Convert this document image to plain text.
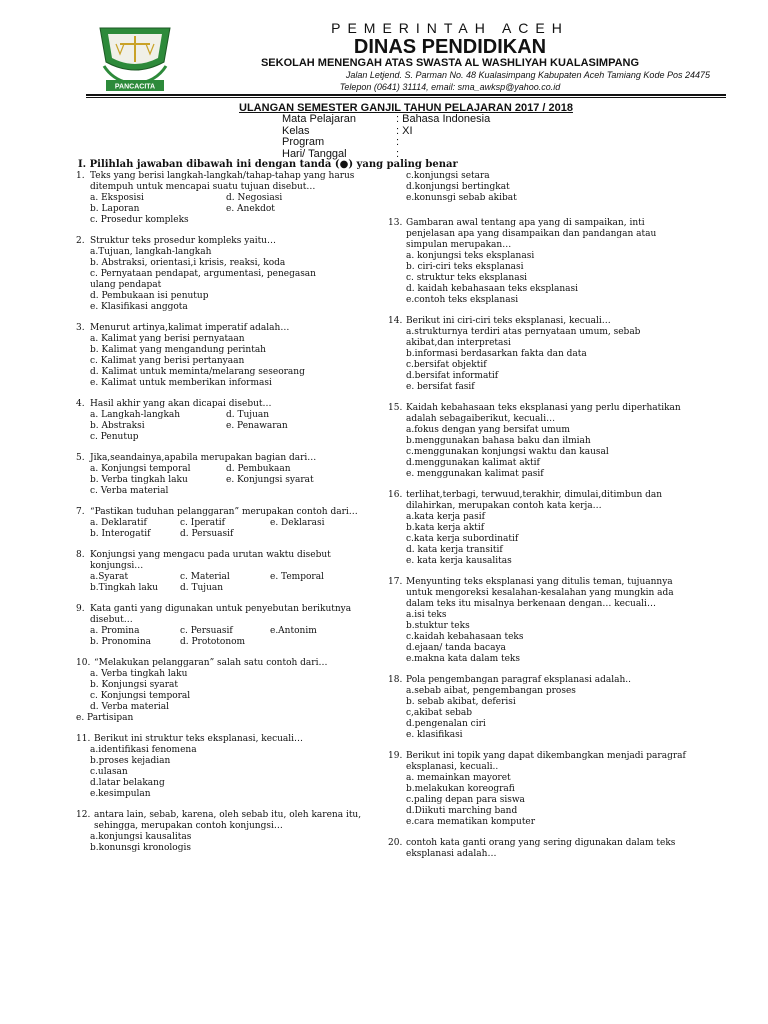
PANCACITA
PEMERINTAH ACEH
DINAS PENDIDIKAN
SEKOLAH MENENGAH ATAS SWASTA AL WASHLIYAH KUALASIMPANG
Jalan Letjend. S. Parman No. 48 Kualasimpang Kabupaten Aceh Tamiang Kode Pos 24475
Telepon (0641) 31114, email: sma_awksp@yahoo.co.id
ULANGAN SEMESTER GANJIL TAHUN PELAJARAN 2017 / 2018
Mata Pelajaran	: Bahasa Indonesia
Kelas	: XI
Program	:
Hari/ Tanggal	:
I. Pilihlah jawaban dibawah ini dengan tanda (●) yang paling benar
1. Teks yang berisi langkah-langkah/tahap-tahap yang harus ditempuh untuk mencapai suatu tujuan disebut…
a. Eksposisi	d. Negosiasi
b. Laporan	e. Anekdot
c. Prosedur kompleks
2. Struktur teks prosedur kompleks yaitu…
a.Tujuan, langkah-langkah
b. Abstraksi, orientasi,i krisis, reaksi, koda
c. Pernyataan pendapat, argumentasi, penegasan
ulang pendapat
d. Pembukaan isi penutup
e. Klasifikasi anggota
3. Menurut artinya,kalimat imperatif adalah…
a. Kalimat yang berisi pernyataan
b. Kalimat yang mengandung perintah
c. Kalimat yang berisi pertanyaan
d. Kalimat untuk meminta/melarang seseorang
e. Kalimat untuk memberikan informasi
4. Hasil akhir yang akan dicapai disebut…
a. Langkah-langkah	d. Tujuan
b. Abstraksi	e. Penawaran
c. Penutup
5. Jika,seandainya,apabila merupakan bagian dari…
a. Konjungsi temporal	d. Pembukaan
b. Verba tingkah laku	e. Konjungsi syarat
c. Verba material
7. “Pastikan tuduhan pelanggaran” merupakan contoh dari…
a. Deklaratif	c. Iperatif	e. Deklarasi
b. Interogatif	d. Persuasif
8. Konjungsi yang mengacu pada urutan waktu disebut konjungsi…
a.Syarat	c. Material	e. Temporal
b.Tingkah laku	d. Tujuan
9. Kata ganti yang digunakan untuk penyebutan berikutnya disebut…
a. Promina	c. Persuasif	e.Antonim
b. Pronomina	d. Prototonom
10. “Melakukan pelanggaran” salah satu contoh dari…
a. Verba tingkah laku
b. Konjungsi syarat
c. Konjungsi temporal
d. Verba material
e. Partisipan
11. Berikut ini struktur teks eksplanasi, kecuali…
a.identifikasi fenomena
b.proses kejadian
c.ulasan
d.latar belakang
e.kesimpulan
12. antara lain, sebab, karena, oleh sebab itu, oleh karena itu, sehingga, merupakan contoh konjungsi…
a.konjungsi kausalitas
b.konunsgi kronologis
c.konjungsi setara
d.konjungsi bertingkat
e.konunsgi sebab akibat
13. Gambaran awal tentang apa yang di sampaikan, inti penjelasan apa yang disampaikan dan pandangan atau simpulan merupakan…
a. konjungsi teks eksplanasi
b. ciri-ciri teks eksplanasi
c. struktur teks eksplanasi
d. kaidah kebahasaan teks eksplanasi
e.contoh teks eksplanasi
14. Berikut ini ciri-ciri teks eksplanasi, kecuali…
a.strukturnya terdiri atas pernyataan umum, sebab akibat,dan interpretasi
b.informasi berdasarkan fakta dan data
c.bersifat objektif
d.bersifat informatif
e. bersifat fasif
15. Kaidah kebahasaan teks eksplanasi yang perlu diperhatikan adalah sebagaiberikut, kecuali…
a.fokus dengan yang bersifat umum
b.menggunakan bahasa baku dan ilmiah
c.menggunakan konjungsi waktu dan kausal
d.menggunakan kalimat aktif
e. menggunakan kalimat pasif
16. terlihat,terbagi, terwuud,terakhir, dimulai,ditimbun dan dilahirkan, merupakan contoh kata kerja…
a.kata kerja pasif
b.kata kerja aktif
c.kata kerja subordinatif
d. kata kerja transitif
e. kata kerja kausalitas
17. Menyunting teks eksplanasi yang ditulis teman, tujuannya untuk mengoreksi kesalahan-kesalahan yang mungkin ada dalam teks itu misalnya berkenaan dengan… kecuali…
a.isi teks
b.stuktur teks
c.kaidah kebahasaan teks
d.ejaan/ tanda bacaya
e.makna kata dalam teks
18. Pola pengembangan paragraf eksplanasi adalah..
a.sebab aibat, pengembangan proses
b. sebab akibat, deferisi
c,akibat sebab
d.pengenalan ciri
e. klasifikasi
19. Berikut ini topik yang dapat dikembangkan menjadi paragraf eksplanasi, kecuali..
a. memainkan mayoret
b.melakukan koreografi
c.paling depan para siswa
d.Diikuti marching band
e.cara mematikan komputer
20. contoh kata ganti orang yang sering digunakan dalam teks eksplanasi adalah…
